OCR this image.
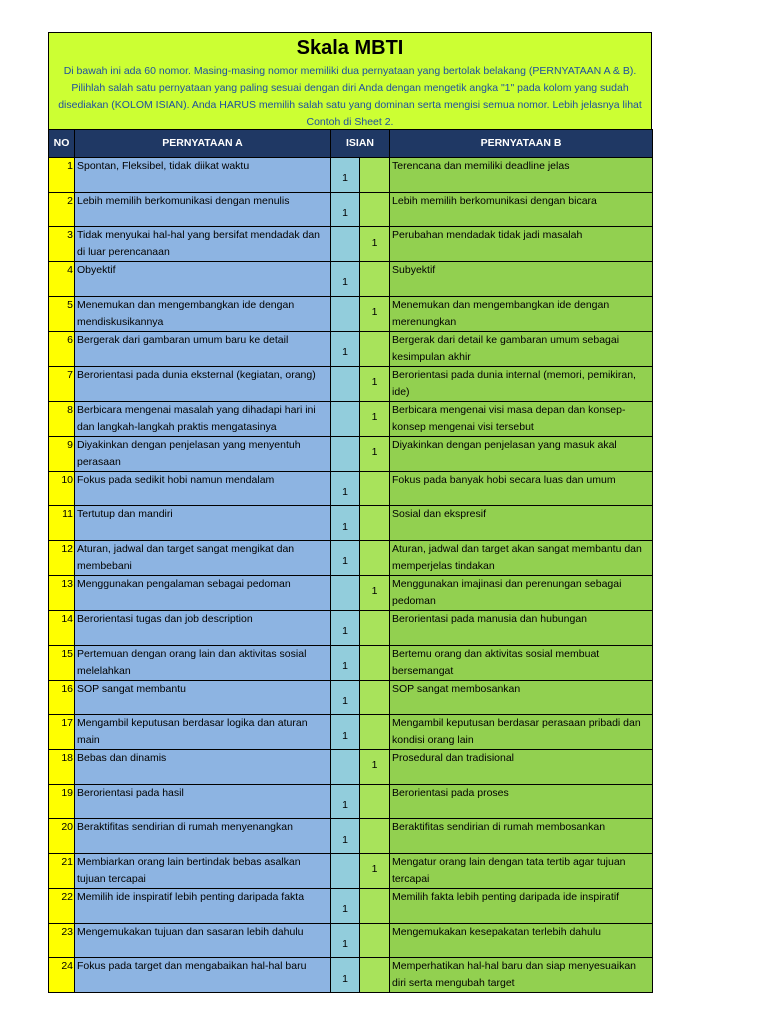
Skala MBTI
Di bawah ini ada 60 nomor. Masing-masing nomor memiliki dua pernyataan yang bertolak belakang (PERNYATAAN A & B). Pilihlah salah satu pernyataan yang paling sesuai dengan diri Anda dengan mengetik angka "1" pada kolom yang sudah disediakan (KOLOM ISIAN). Anda HARUS memilih salah satu yang dominan serta mengisi semua nomor. Lebih jelasnya lihat Contoh di Sheet 2.
NO	PERNYATAAN A	ISIAN		PERNYATAAN B
1	Spontan, Fleksibel, tidak diikat waktu	1		Terencana dan memiliki deadline jelas
2	Lebih memilih berkomunikasi dengan menulis	1		Lebih memilih berkomunikasi dengan bicara
3	Tidak menyukai hal-hal yang bersifat mendadak dan di luar perencanaan		1	Perubahan mendadak tidak jadi masalah
4	Obyektif	1		Subyektif
5	Menemukan dan mengembangkan ide dengan mendiskusikannya		1	Menemukan dan mengembangkan ide dengan merenungkan
6	Bergerak dari gambaran umum baru ke detail	1		Bergerak dari detail ke gambaran umum sebagai kesimpulan akhir
7	Berorientasi pada dunia eksternal (kegiatan, orang)		1	Berorientasi pada dunia internal (memori, pemikiran, ide)
8	Berbicara mengenai masalah yang dihadapi hari ini dan langkah-langkah praktis mengatasinya		1	Berbicara mengenai visi masa depan dan konsep-konsep mengenai visi tersebut
9	Diyakinkan dengan penjelasan yang menyentuh perasaan		1	Diyakinkan dengan penjelasan yang masuk akal
10	Fokus pada sedikit hobi namun mendalam	1		Fokus pada banyak hobi secara luas dan umum
11	Tertutup dan mandiri	1		Sosial dan ekspresif
12	Aturan, jadwal dan target sangat mengikat dan membebani	1		Aturan, jadwal dan target akan sangat membantu dan memperjelas tindakan
13	Menggunakan pengalaman sebagai pedoman		1	Menggunakan imajinasi dan perenungan sebagai pedoman
14	Berorientasi tugas dan job description	1		Berorientasi pada manusia dan hubungan
15	Pertemuan dengan orang lain dan aktivitas sosial melelahkan	1		Bertemu orang dan aktivitas sosial membuat bersemangat
16	SOP sangat membantu	1		SOP sangat membosankan
17	Mengambil keputusan berdasar logika dan aturan main	1		Mengambil keputusan berdasar perasaan pribadi dan kondisi orang lain
18	Bebas dan dinamis		1	Prosedural dan tradisional
19	Berorientasi pada hasil	1		Berorientasi pada proses
20	Beraktifitas sendirian di rumah menyenangkan	1		Beraktifitas sendirian di rumah membosankan
21	Membiarkan orang lain bertindak bebas asalkan tujuan tercapai		1	Mengatur orang lain dengan tata tertib agar tujuan tercapai
22	Memilih ide inspiratif lebih penting daripada fakta	1		Memilih fakta lebih penting daripada ide inspiratif
23	Mengemukakan tujuan dan sasaran lebih dahulu	1		Mengemukakan kesepakatan terlebih dahulu
24	Fokus pada target dan mengabaikan hal-hal baru	1		Memperhatikan hal-hal baru dan siap menyesuaikan diri serta mengubah target
